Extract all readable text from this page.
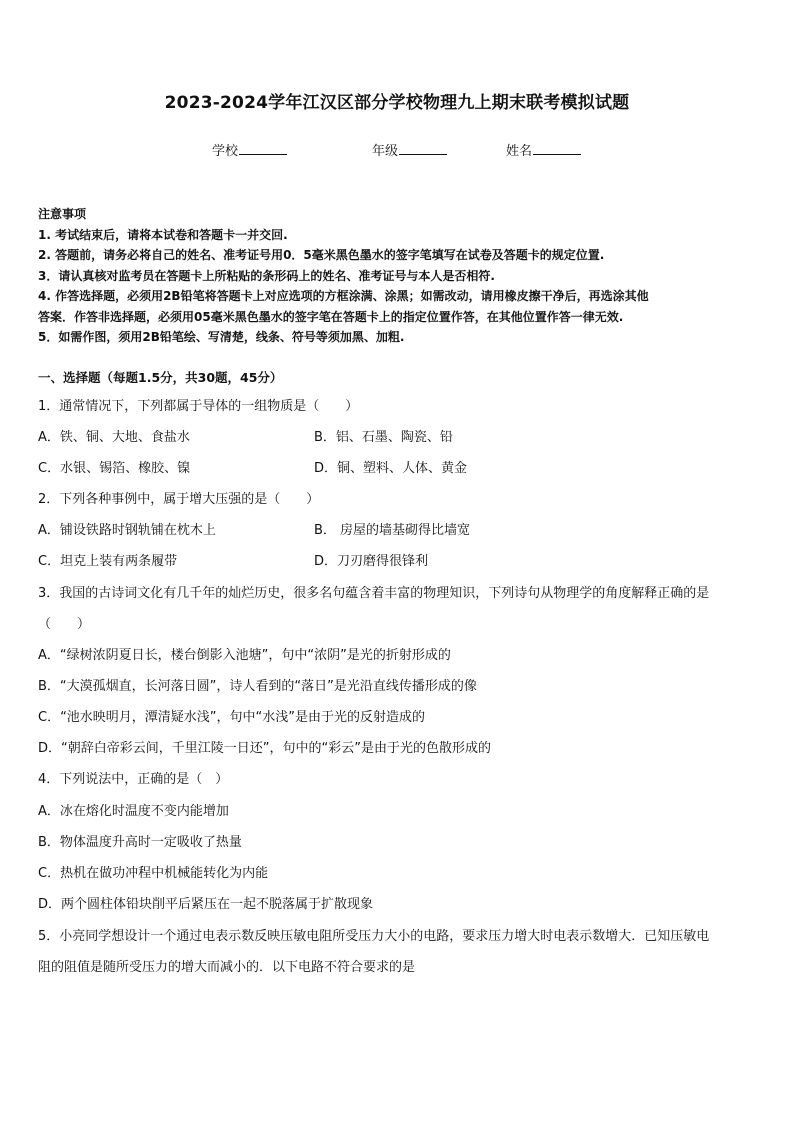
2023-2024学年江汉区部分学校物理九上期末联考模拟试题
学校	年级	姓名
注意事项
1. 考试结束后，请将本试卷和答题卡一并交回.
2. 答题前，请务必将自己的姓名、准考证号用0．5毫米黑色墨水的签字笔填写在试卷及答题卡的规定位置.
3．请认真核对监考员在答题卡上所粘贴的条形码上的姓名、准考证号与本人是否相符.
4. 作答选择题，必须用2B铅笔将答题卡上对应选项的方框涂满、涂黑；如需改动，请用橡皮擦干净后，再选涂其他
答案．作答非选择题，必须用05毫米黑色墨水的签字笔在答题卡上的指定位置作答，在其他位置作答一律无效.
5．如需作图，须用2B铅笔绘、写清楚，线条、符号等须加黑、加粗.
一、选择题（每题1.5分，共30题，45分）
1．通常情况下，下列都属于导体的一组物质是（　　）
A．铁、铜、大地、食盐水	B．铝、石墨、陶瓷、铅
C．水银、锡箔、橡胶、镍	D．铜、塑料、人体、黄金
2．下列各种事例中，属于增大压强的是（　　）
A．铺设铁路时钢轨铺在枕木上	B． 房屋的墙基砌得比墙宽
C．坦克上装有两条履带	D．刀刃磨得很锋利
3．我国的古诗词文化有几千年的灿烂历史，很多名句蕴含着丰富的物理知识，下列诗句从物理学的角度解释正确的是
（　　）
A．“绿树浓阴夏日长，楼台倒影入池塘”，句中“浓阴”是光的折射形成的
B．“大漠孤烟直，长河落日圆”，诗人看到的“落日”是光沿直线传播形成的像
C．“池水映明月，潭清疑水浅”，句中“水浅”是由于光的反射造成的
D．“朝辞白帝彩云间，千里江陵一日还”，句中的“彩云”是由于光的色散形成的
4．下列说法中，正确的是（　）
A．冰在熔化时温度不变内能增加
B．物体温度升高时一定吸收了热量
C．热机在做功冲程中机械能转化为内能
D．两个圆柱体铅块削平后紧压在一起不脱落属于扩散现象
5．小亮同学想设计一个通过电表示数反映压敏电阻所受压力大小的电路，要求压力增大时电表示数增大．已知压敏电
阻的阻值是随所受压力的增大而减小的．以下电路不符合要求的是
